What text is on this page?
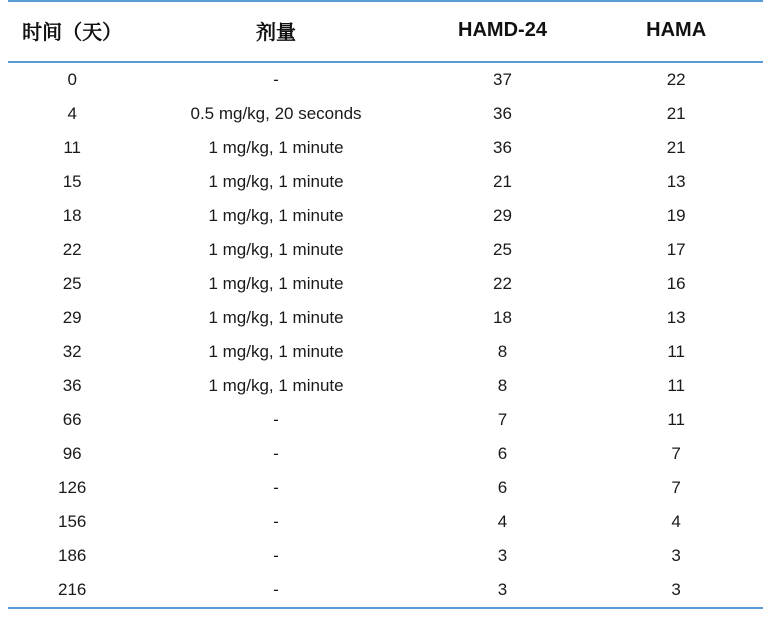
时间（天）	剂量	HAMD-24	HAMA
0	-	37	22
4	0.5 mg/kg, 20 seconds	36	21
11	1 mg/kg, 1 minute	36	21
15	1 mg/kg, 1 minute	21	13
18	1 mg/kg, 1 minute	29	19
22	1 mg/kg, 1 minute	25	17
25	1 mg/kg, 1 minute	22	16
29	1 mg/kg, 1 minute	18	13
32	1 mg/kg, 1 minute	8	11
36	1 mg/kg, 1 minute	8	11
66	-	7	11
96	-	6	7
126	-	6	7
156	-	4	4
186	-	3	3
216	-	3	3
